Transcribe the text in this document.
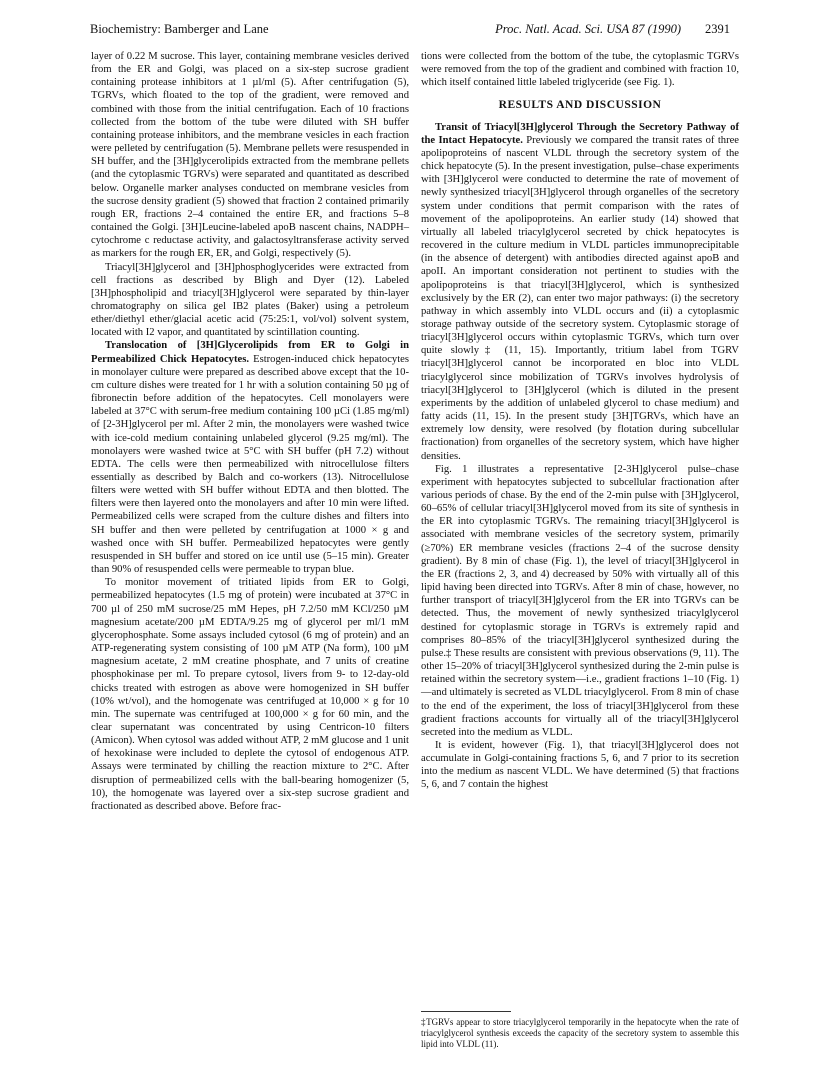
Biochemistry: Bamberger and Lane	Proc. Natl. Acad. Sci. USA 87 (1990) 2391

layer of 0.22 M sucrose. This layer, containing membrane vesicles derived from the ER and Golgi, was placed on a six-step sucrose gradient containing protease inhibitors at 1 µl/ml (5). After centrifugation (5), TGRVs, which floated to the top of the gradient, were removed and combined with those from the initial centrifugation. Each of 10 fractions collected from the bottom of the tube were diluted with SH buffer containing protease inhibitors, and the membrane vesicles in each fraction were pelleted by centrifugation (5). Membrane pellets were resuspended in SH buffer, and the [3H]glycerolipids extracted from the membrane pellets (and the cytoplasmic TGRVs) were separated and quantitated as described below. Organelle marker analyses conducted on membrane vesicles from the sucrose density gradient (5) showed that fraction 2 contained primarily rough ER, fractions 2–4 contained the entire ER, and fractions 5–8 contained the Golgi. [3H]Leucine-labeled apoB nascent chains, NADPH–cytochrome c reductase activity, and galactosyltransferase activity served as markers for the rough ER, ER, and Golgi, respectively (5).

Triacyl[3H]glycerol and [3H]phosphoglycerides were extracted from cell fractions as described by Bligh and Dyer (12). Labeled [3H]phospholipid and triacyl[3H]glycerol were separated by thin-layer chromatography on silica gel IB2 plates (Baker) using a petroleum ether/diethyl ether/glacial acetic acid (75:25:1, vol/vol) solvent system, located with I2 vapor, and quantitated by scintillation counting.

Translocation of [3H]Glycerolipids from ER to Golgi in Permeabilized Chick Hepatocytes. Estrogen-induced chick hepatocytes in monolayer culture were prepared as described above except that the 10-cm culture dishes were treated for 1 hr with a solution containing 50 µg of fibronectin before addition of the hepatocytes. Cell monolayers were labeled at 37°C with serum-free medium containing 100 µCi (1.85 mg/ml) of [2-3H]glycerol per ml. After 2 min, the monolayers were washed twice with ice-cold medium containing unlabeled glycerol (9.25 mg/ml). The monolayers were washed twice at 5°C with SH buffer (pH 7.2) without EDTA. The cells were then permeabilized with nitrocellulose filters essentially as described by Balch and co-workers (13). Nitrocellulose filters were wetted with SH buffer without EDTA and then blotted. The filters were then layered onto the monolayers and after 10 min were lifted. Permeabilized cells were scraped from the culture dishes and filters into SH buffer and then were pelleted by centrifugation at 1000 × g and washed once with SH buffer. Permeabilized hepatocytes were gently resuspended in SH buffer and stored on ice until use (5–15 min). Greater than 90% of resuspended cells were permeable to trypan blue.

To monitor movement of tritiated lipids from ER to Golgi, permeabilized hepatocytes (1.5 mg of protein) were incubated at 37°C in 700 µl of 250 mM sucrose/25 mM Hepes, pH 7.2/50 mM KCl/250 µM magnesium acetate/200 µM EDTA/9.25 mg of glycerol per ml/1 mM glycerophosphate. Some assays included cytosol (6 mg of protein) and an ATP-regenerating system consisting of 100 µM ATP (Na form), 100 µM magnesium acetate, 2 mM creatine phosphate, and 7 units of creatine phosphokinase per ml. To prepare cytosol, livers from 9- to 12-day-old chicks treated with estrogen as above were homogenized in SH buffer (10% wt/vol), and the homogenate was centrifuged at 10,000 × g for 10 min. The supernate was centrifuged at 100,000 × g for 60 min, and the clear supernatant was concentrated by using Centricon-10 filters (Amicon). When cytosol was added without ATP, 2 mM glucose and 1 unit of hexokinase were included to deplete the cytosol of endogenous ATP. Assays were terminated by chilling the reaction mixture to 2°C. After disruption of permeabilized cells with the ball-bearing homogenizer (5, 10), the homogenate was layered over a six-step sucrose gradient and fractionated as described above. Before frac-

tions were collected from the bottom of the tube, the cytoplasmic TGRVs were removed from the top of the gradient and combined with fraction 10, which itself contained little labeled triglyceride (see Fig. 1).

RESULTS AND DISCUSSION

Transit of Triacyl[3H]glycerol Through the Secretory Pathway of the Intact Hepatocyte. Previously we compared the transit rates of three apolipoproteins of nascent VLDL through the secretory system of the chick hepatocyte (5). In the present investigation, pulse–chase experiments with [3H]glycerol were conducted to determine the rate of movement of newly synthesized triacyl[3H]glycerol through organelles of the secretory system under conditions that permit comparison with the rates of movement of the apolipoproteins. An earlier study (14) showed that virtually all labeled triacylglycerol secreted by chick hepatocytes is recovered in the culture medium in VLDL particles immunoprecipitable (in the absence of detergent) with antibodies directed against apoB and apoII. An important consideration not pertinent to studies with the apolipoproteins is that triacyl[3H]glycerol, which is synthesized exclusively by the ER (2), can enter two major pathways: (i) the secretory pathway in which assembly into VLDL occurs and (ii) a cytoplasmic storage pathway outside of the secretory system. Cytoplasmic storage of triacyl[3H]glycerol occurs within cytoplasmic TGRVs, which turn over quite slowly‡ (11, 15). Importantly, tritium label from TGRV triacyl[3H]glycerol cannot be incorporated en bloc into VLDL triacylglycerol since mobilization of TGRVs involves hydrolysis of triacyl[3H]glycerol to [3H]glycerol (which is diluted in the present experiments by the addition of unlabeled glycerol to chase medium) and fatty acids (11, 15). In the present study [3H]TGRVs, which have an extremely low density, were resolved (by flotation during subcellular fractionation) from organelles of the secretory system, which have higher densities.

Fig. 1 illustrates a representative [2-3H]glycerol pulse–chase experiment with hepatocytes subjected to subcellular fractionation after various periods of chase. By the end of the 2-min pulse with [3H]glycerol, 60–65% of cellular triacyl[3H]glycerol moved from its site of synthesis in the ER into cytoplasmic TGRVs. The remaining triacyl[3H]glycerol is associated with membrane vesicles of the secretory system, primarily (≥70%) ER membrane vesicles (fractions 2–4 of the sucrose density gradient). By 8 min of chase (Fig. 1), the level of triacyl[3H]glycerol in the ER (fractions 2, 3, and 4) decreased by 50% with virtually all of this lipid having been directed into TGRVs. After 8 min of chase, however, no further transport of triacyl[3H]glycerol from the ER into TGRVs can be detected. Thus, the movement of newly synthesized triacylglycerol destined for cytoplasmic storage in TGRVs is extremely rapid and comprises 80–85% of the triacyl[3H]glycerol synthesized during the pulse.‡ These results are consistent with previous observations (9, 11). The other 15–20% of triacyl[3H]glycerol synthesized during the 2-min pulse is retained within the secretory system—i.e., gradient fractions 1–10 (Fig. 1)—and ultimately is secreted as VLDL triacylglycerol. From 8 min of chase to the end of the experiment, the loss of triacyl[3H]glycerol from these gradient fractions accounts for virtually all of the triacyl[3H]glycerol secreted into the medium as VLDL.

It is evident, however (Fig. 1), that triacyl[3H]glycerol does not accumulate in Golgi-containing fractions 5, 6, and 7 prior to its secretion into the medium as nascent VLDL. We have determined (5) that fractions 5, 6, and 7 contain the highest

‡TGRVs appear to store triacylglycerol temporarily in the hepatocyte when the rate of triacylglycerol synthesis exceeds the capacity of the secretory system to assemble this lipid into VLDL (11).
